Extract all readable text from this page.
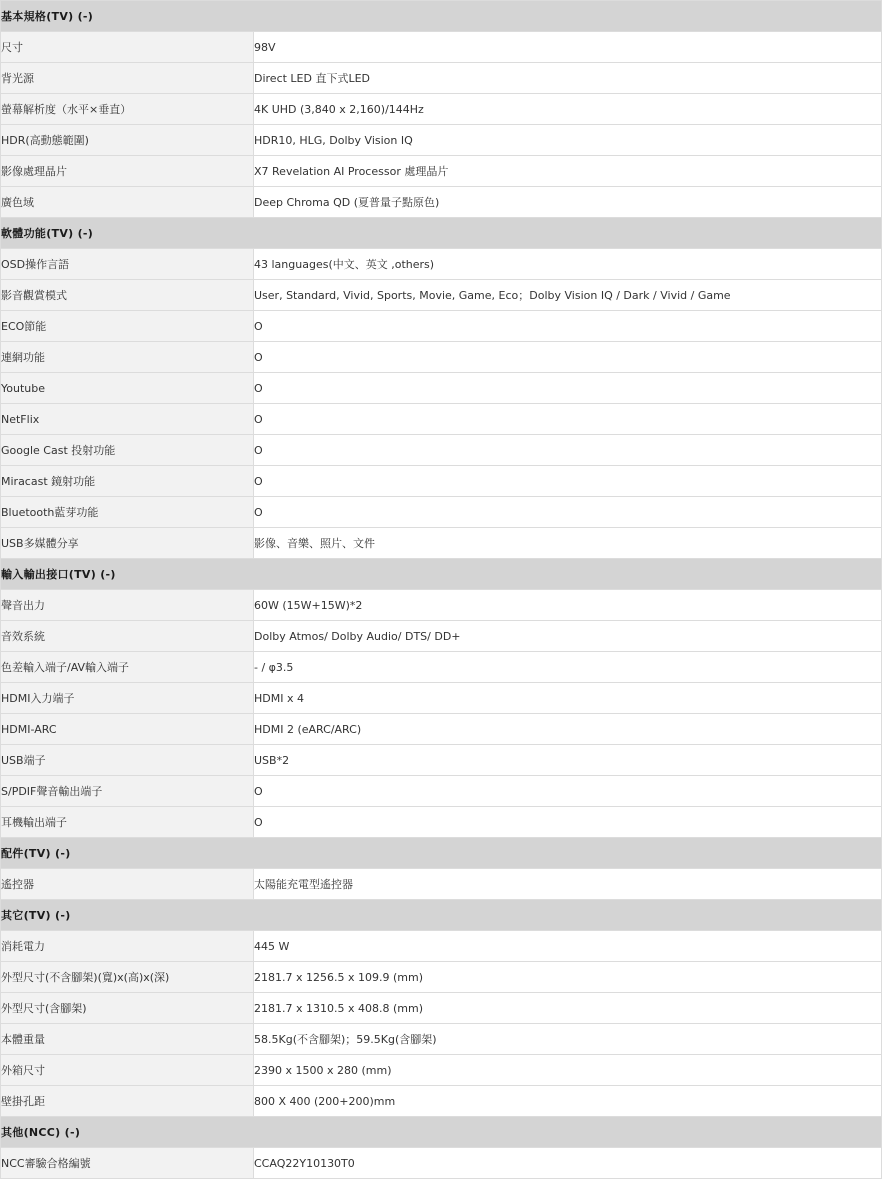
基本規格(TV) (-)	
尺寸	98V
背光源	Direct LED 直下式LED
螢幕解析度（水平×垂直）	4K UHD (3,840 x 2,160)/144Hz
HDR(高動態範圍)	HDR10, HLG, Dolby Vision IQ
影像處理晶片	X7 Revelation AI Processor 處理晶片
廣色域	Deep Chroma QD (夏普量子點原色)
軟體功能(TV) (-)	
OSD操作言語	43 languages(中文、英文 ,others)
影音觀賞模式	User, Standard, Vivid, Sports, Movie, Game, Eco；Dolby Vision IQ / Dark / Vivid / Game
ECO節能	O
連網功能	O
Youtube	O
NetFlix	O
Google Cast 投射功能	O
Miracast 鏡射功能	O
Bluetooth藍芽功能	O
USB多媒體分享	影像、音樂、照片、文件
輸入輸出接口(TV) (-)	
聲音出力	60W (15W+15W)*2
音效系統	Dolby Atmos/ Dolby Audio/ DTS/ DD+
色差輸入端子/AV輸入端子	- / φ3.5
HDMI入力端子	HDMI x 4
HDMI-ARC	HDMI 2 (eARC/ARC)
USB端子	USB*2
S/PDIF聲音輸出端子	O
耳機輸出端子	O
配件(TV) (-)	
遙控器	太陽能充電型遙控器
其它(TV) (-)	
消耗電力	445 W
外型尺寸(不含腳架)(寬)x(高)x(深)	2181.7 x 1256.5 x 109.9 (mm)
外型尺寸(含腳架)	2181.7 x 1310.5 x 408.8 (mm)
本體重量	58.5Kg(不含腳架)；59.5Kg(含腳架)
外箱尺寸	2390 x 1500 x 280 (mm)
壁掛孔距	800 X 400 (200+200)mm
其他(NCC) (-)	
NCC審驗合格編號	CCAQ22Y10130T0
